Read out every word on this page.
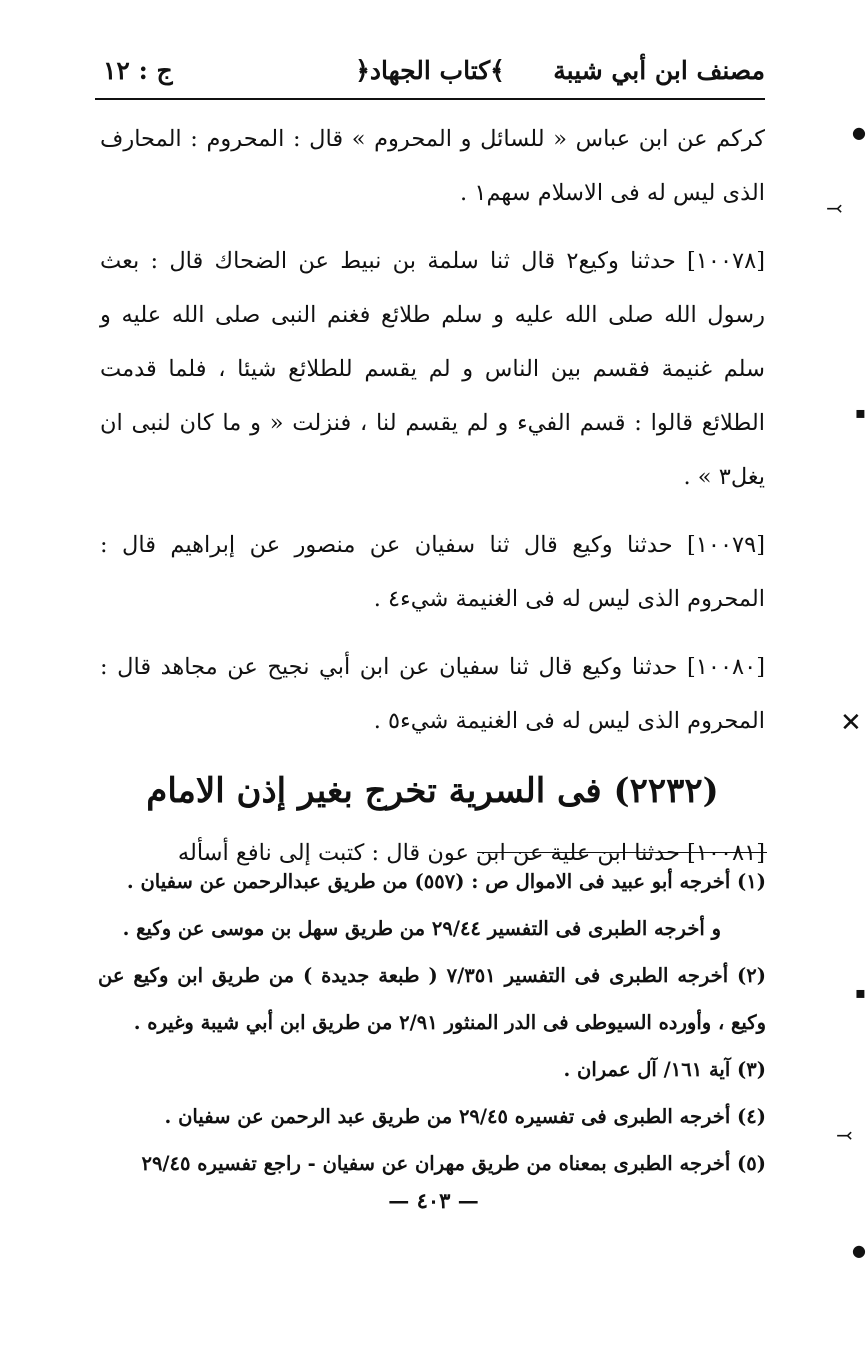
مصنف ابن أبي شيبة
﴿كتاب الجهاد﴾
ج : ١٢

كركم عن ابن عباس « للسائل و المحروم » قال : المحروم : المحارف الذى ليس له فى الاسلام سهم١ .

[١٠٠٧٨] حدثنا وكيع٢ قال ثنا سلمة بن نبيط عن الضحاك قال : بعث رسول الله صلى الله عليه و سلم طلائع فغنم النبى صلى الله عليه و سلم غنيمة فقسم بين الناس و لم يقسم للطلائع شيئا ، فلما قدمت الطلائع قالوا : قسم الفيء و لم يقسم لنا ، فنزلت « و ما كان لنبى ان يغل٣ » .

[١٠٠٧٩] حدثنا وكيع قال ثنا سفيان عن منصور عن إبراهيم قال : المحروم الذى ليس له فى الغنيمة شيء٤ .

[١٠٠٨٠] حدثنا وكيع قال ثنا سفيان عن ابن أبي نجيح عن مجاهد قال : المحروم الذى ليس له فى الغنيمة شيء٥ .

(٢٢٣٢) فى السرية تخرج بغير إذن الامام

[١٠٠٨١] حدثنا ابن علية عن ابن عون قال : كتبت إلى نافع أسأله

(١) أخرجه أبو عبيد فى الاموال ص : (٥٥٧) من طريق عبدالرحمن عن سفيان .

و أخرجه الطبرى فى التفسير ٢٩/٤٤ من طريق سهل بن موسى عن وكيع .

(٢) أخرجه الطبرى فى التفسير ٧/٣٥١ ( طبعة جديدة ) من طريق ابن وكيع عن وكيع ، وأورده السيوطى فى الدر المنثور ٢/٩١ من طريق ابن أبي شيبة وغيره .

(٣) آية ١٦١/ آل عمران .

(٤) أخرجه الطبرى فى تفسيره ٢٩/٤٥ من طريق عبد الرحمن عن سفيان .

(٥) أخرجه الطبرى بمعناه من طريق مهران عن سفيان - راجع تفسيره ٢٩/٤٥

— ٤٠٣ —
●
⤙
▪
✕
▪
⤙
●
